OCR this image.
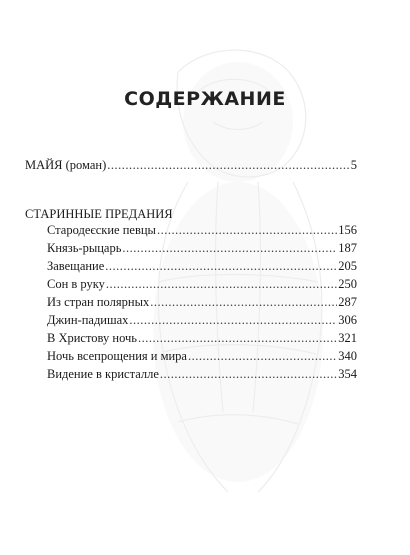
СОДЕРЖАНИЕ
МАЙЯ (роман) .....	5
СТАРИННЫЕ ПРЕДАНИЯ
Стародеєские певцы .....	156
Князь-рыцарь .....	187
Завещание .....	205
Сон в руку .....	250
Из стран полярных .....	287
Джин-падишах .....	306
В Христову ночь .....	321
Ночь всепрощения и мира .....	340
Видение в кристалле .....	354
